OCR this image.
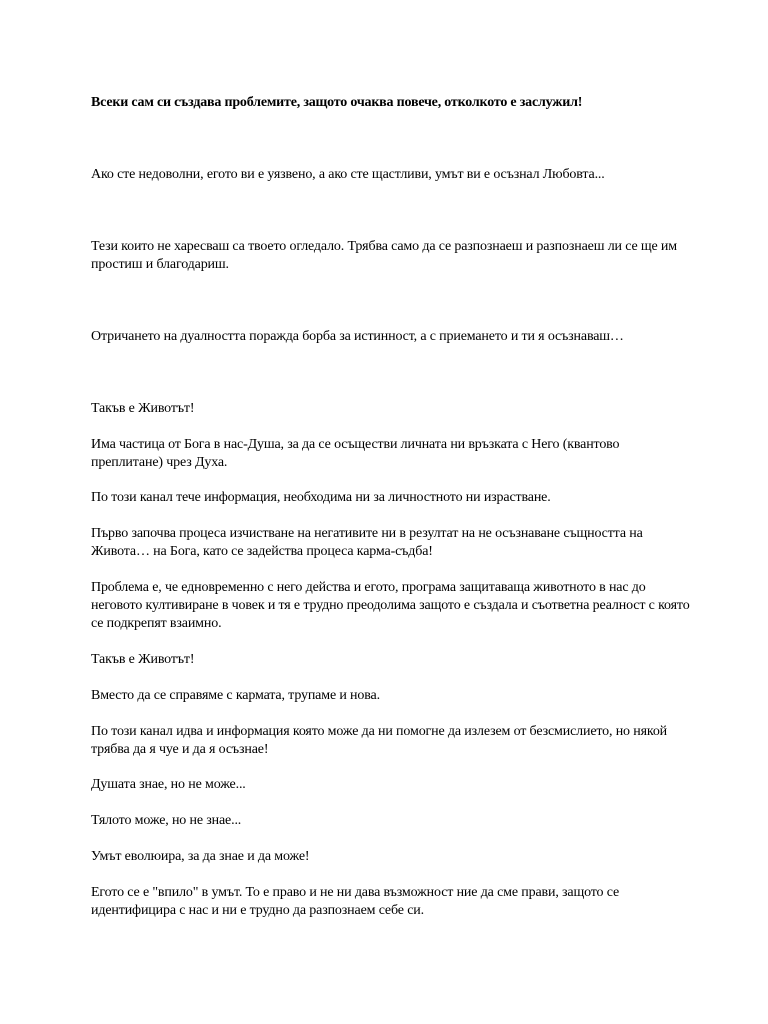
Всеки сам си създава проблемите, защото очаква повече, отколкото е заслужил!

Ако сте недоволни, егото ви е уязвено, а ако сте щастливи, умът ви е осъзнал Любовта...

Тези които не харесваш са твоето огледало. Трябва само да се разпознаеш и разпознаеш ли се ще им простиш и благодариш.

Отричането на дуалността поражда борба за истинност, а с приемането и ти я осъзнаваш…

Такъв е Животът!

Има частица от Бога в нас-Душа, за да се осъществи личната ни връзката с Него (квантово преплитане) чрез Духа.

По този канал тече информация, необходима ни за личностното ни израстване.

Първо започва процеса изчистване на негативите ни в резултат на не осъзнаване същността на Живота… на Бога, като се задейства процеса карма-съдба!

Проблема е, че едновременно с него действа и егото, програма защитаваща животното в нас до неговото култивиране в човек и тя е трудно преодолима защото е създала и съответна реалност с която се подкрепят взаимно.

Такъв е Животът!

Вместо да се справяме с кармата, трупаме и нова.

По този канал идва и информация която може да ни помогне да излезем от безсмислието, но някой трябва да я чуе и да я осъзнае!

Душата знае, но не може...

Тялото може, но не знае...

Умът еволюира, за да знае и да може!

Егото се е "впило" в умът. То е право и не ни дава възможност ние да сме прави, защото се идентифицира с нас и ни е трудно да разпознаем себе си.
